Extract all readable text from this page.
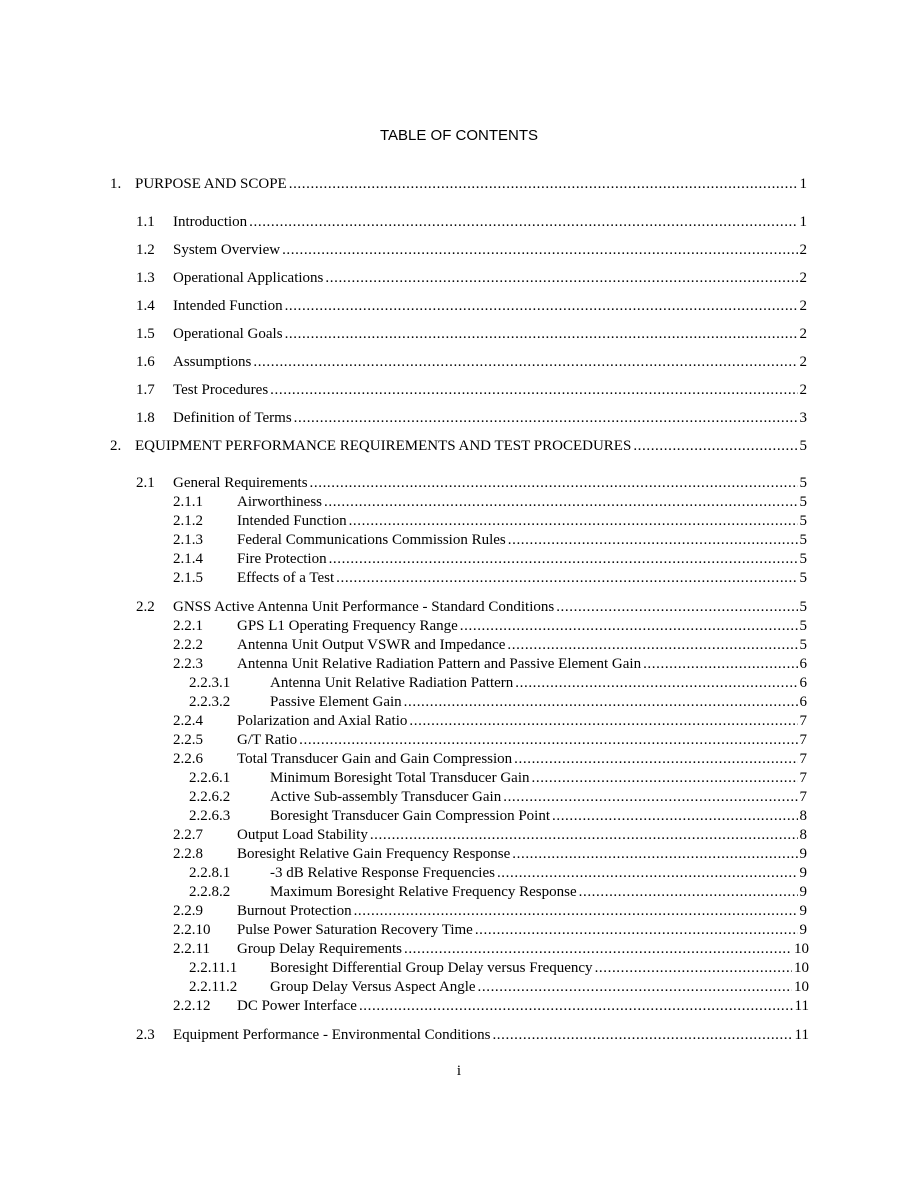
TABLE OF CONTENTS
1. PURPOSE AND SCOPE .....	1
1.1	Introduction .....	1
1.2	System Overview .....	2
1.3	Operational Applications .....	2
1.4	Intended Function .....	2
1.5	Operational Goals .....	2
1.6	Assumptions .....	2
1.7	Test Procedures .....	2
1.8	Definition of Terms .....	3
2. EQUIPMENT PERFORMANCE REQUIREMENTS AND TEST PROCEDURES .....	5
2.1	General Requirements .....	5
2.1.1	Airworthiness .....	5
2.1.2	Intended Function .....	5
2.1.3	Federal Communications Commission Rules .....	5
2.1.4	Fire Protection .....	5
2.1.5	Effects of a Test .....	5
2.2	GNSS Active Antenna Unit Performance - Standard Conditions .....	5
2.2.1	GPS L1 Operating Frequency Range .....	5
2.2.2	Antenna Unit Output VSWR and Impedance .....	5
2.2.3	Antenna Unit Relative Radiation Pattern and Passive Element Gain .....	6
2.2.3.1	Antenna Unit Relative Radiation Pattern .....	6
2.2.3.2	Passive Element Gain .....	6
2.2.4	Polarization and Axial Ratio .....	7
2.2.5	G/T Ratio .....	7
2.2.6	Total Transducer Gain and Gain Compression .....	7
2.2.6.1	Minimum Boresight Total Transducer Gain .....	7
2.2.6.2	Active Sub-assembly Transducer Gain .....	7
2.2.6.3	Boresight Transducer Gain Compression Point .....	8
2.2.7	Output Load Stability .....	8
2.2.8	Boresight Relative Gain Frequency Response .....	9
2.2.8.1	-3 dB Relative Response Frequencies .....	9
2.2.8.2	Maximum Boresight Relative Frequency Response .....	9
2.2.9	Burnout Protection .....	9
2.2.10	Pulse Power Saturation Recovery Time .....	9
2.2.11	Group Delay Requirements .....	10
2.2.11.1	Boresight Differential Group Delay versus Frequency .....	10
2.2.11.2	Group Delay Versus Aspect Angle .....	10
2.2.12	DC Power Interface .....	11
2.3	Equipment Performance - Environmental Conditions .....	11
i
